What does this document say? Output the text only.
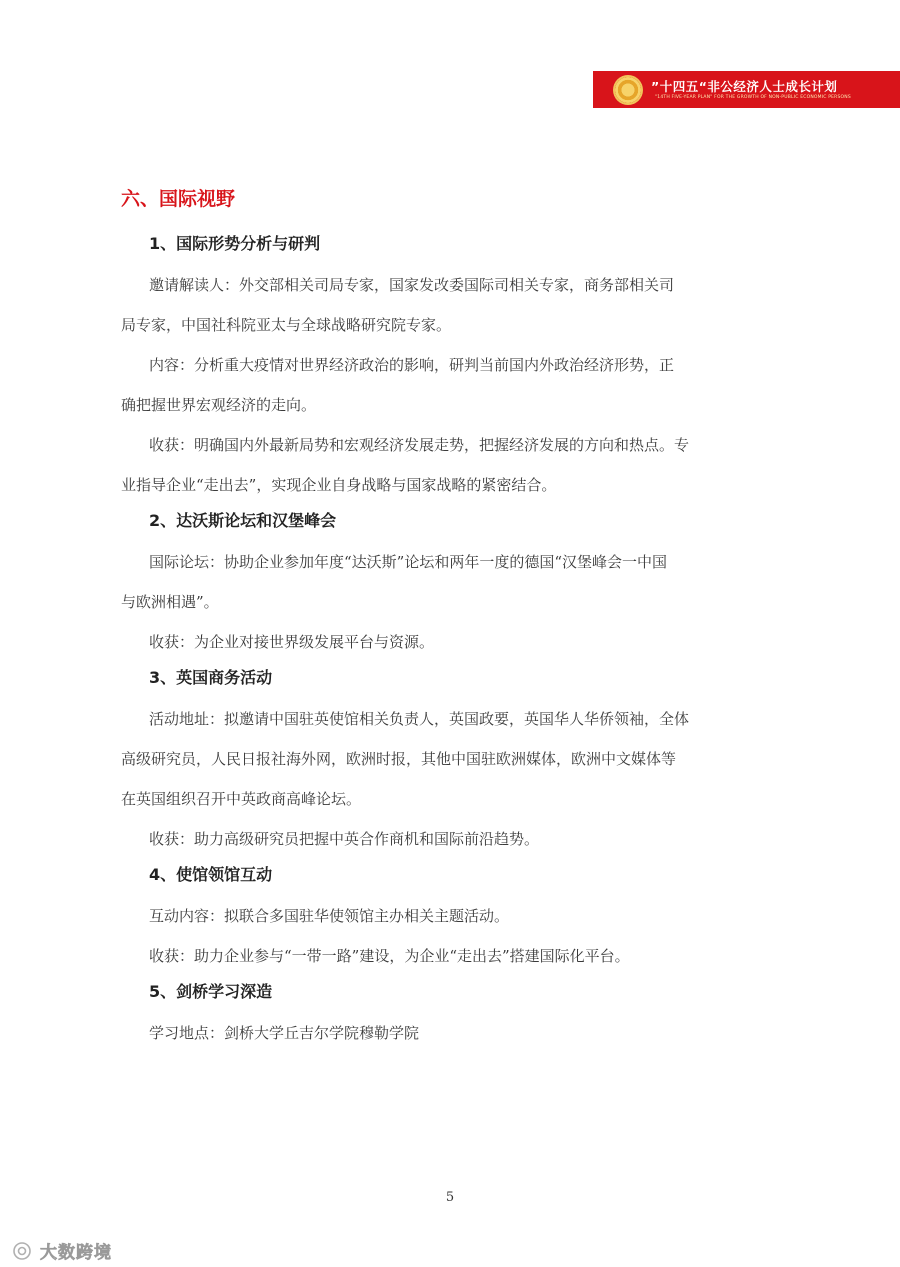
”十四五“非公经济人士成长计划
"14TH FIVE-YEAR PLAN" FOR THE GROWTH OF NON-PUBLIC ECONOMIC PERSONS
六、国际视野
1、国际形势分析与研判

邀请解读人：外交部相关司局专家，国家发改委国际司相关专家，商务部相关司
局专家，中国社科院亚太与全球战略研究院专家。

内容：分析重大疫情对世界经济政治的影响，研判当前国内外政治经济形势，正
确把握世界宏观经济的走向。

收获：明确国内外最新局势和宏观经济发展走势，把握经济发展的方向和热点。专
业指导企业“走出去”，实现企业自身战略与国家战略的紧密结合。

2、达沃斯论坛和汉堡峰会

国际论坛：协助企业参加年度“达沃斯”论坛和两年一度的德国“汉堡峰会一中国
与欧洲相遇”。

收获：为企业对接世界级发展平台与资源。

3、英国商务活动

活动地址：拟邀请中国驻英使馆相关负责人，英国政要，英国华人华侨领袖，全体
高级研究员，人民日报社海外网，欧洲时报，其他中国驻欧洲媒体，欧洲中文媒体等
在英国组织召开中英政商高峰论坛。

收获：助力高级研究员把握中英合作商机和国际前沿趋势。

4、使馆领馆互动

互动内容：拟联合多国驻华使领馆主办相关主题活动。

收获：助力企业参与“一带一路”建设，为企业“走出去”搭建国际化平台。

5、剑桥学习深造

学习地点：剑桥大学丘吉尔学院穆勒学院

5
大数跨境
